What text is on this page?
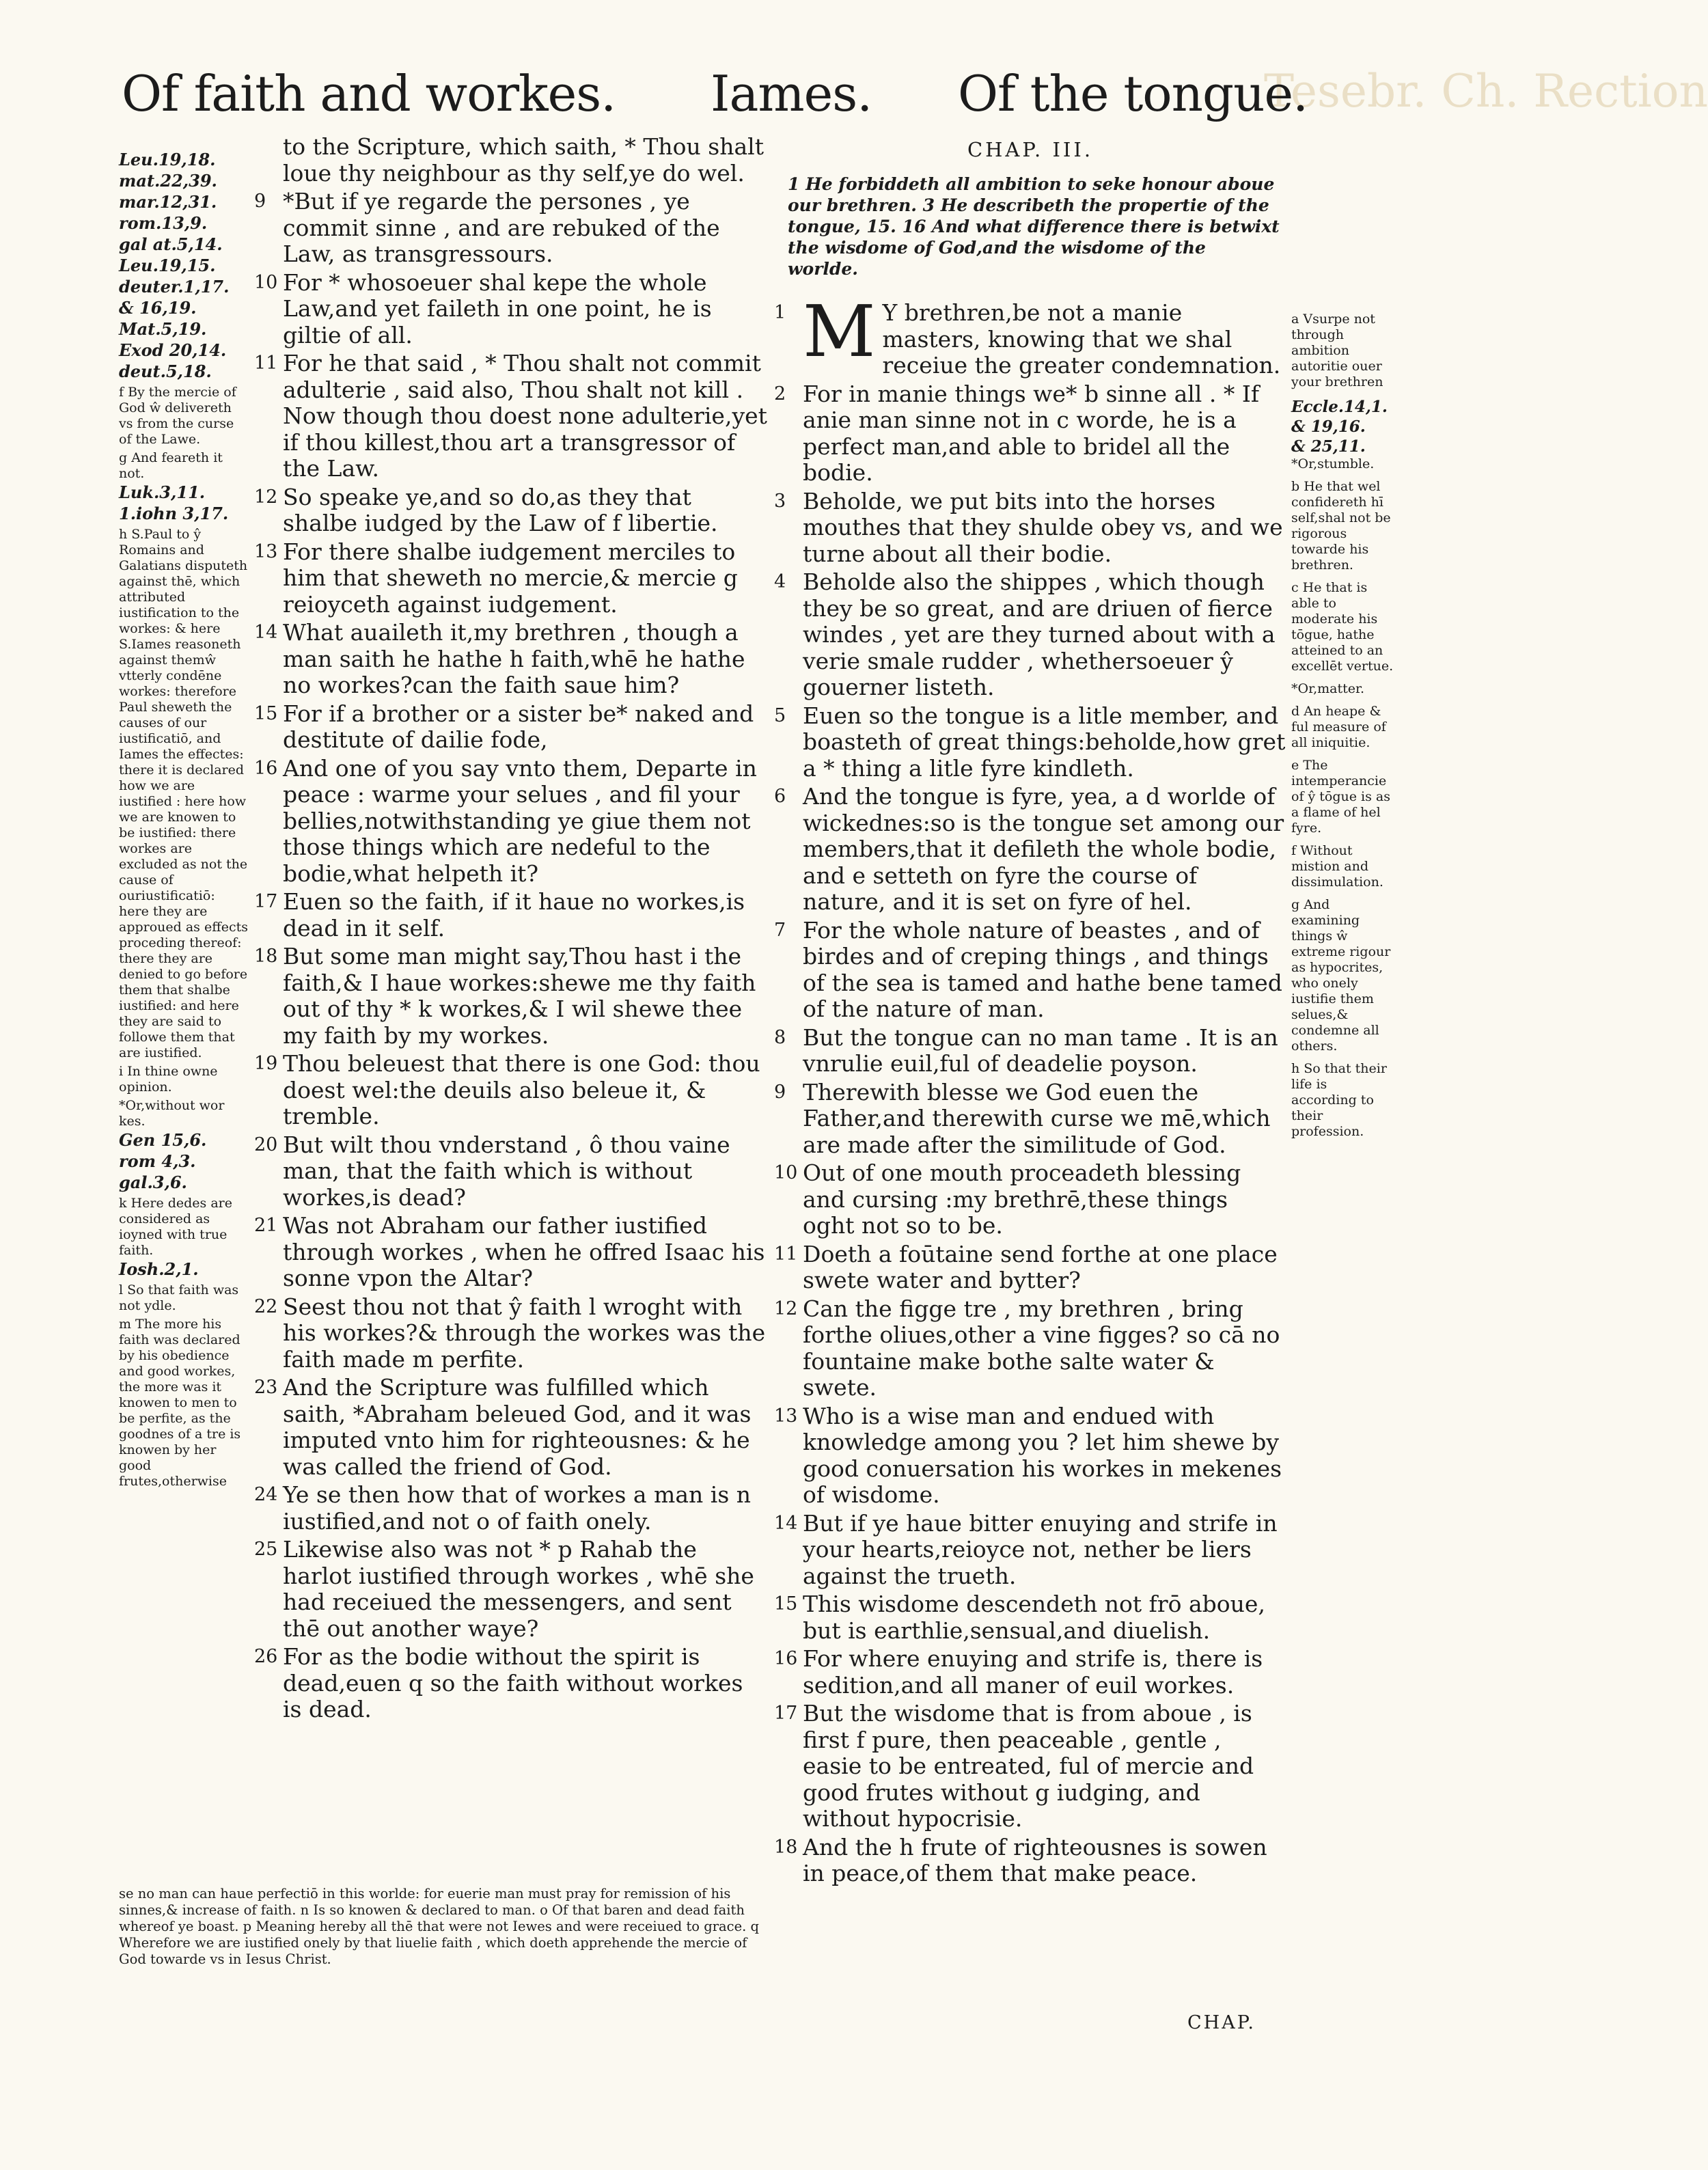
Tesebr. Ch. Rection
Of faith and workes. Iames. Of the tongue.
Leu.19,18.
mat.22,39.
mar.12,31.
rom.13,9.
gal at.5,14.
Leu.19,15.
deuter.1,17.
& 16,19.
Mat.5,19.
Exod 20,14.
deut.5,18.
f By the mercie of God ŵ delivereth vs from the curse of the Lawe.
g And feareth it not.
Luk.3,11.
1.iohn 3,17.
h S.Paul to ŷ Romains and Galatians disputeth against thē, which attributed iustification to the workes: & here S.Iames reasoneth against themŵ vtterly condēne workes: therefore Paul sheweth the causes of our iustificatiō, and Iames the effectes: there it is declared how we are iustified : here how we are knowen to be iustified: there workes are excluded as not the cause of ouriustificatiō: here they are approued as effects proceding thereof: there they are denied to go before them that shalbe iustified: and here they are said to followe them that are iustified.
i In thine owne opinion.
*Or,without wor kes.
Gen 15,6.
rom 4,3.
gal.3,6.
k Here dedes are considered as ioyned with true faith.
Iosh.2,1.
l So that faith was not ydle.
m The more his faith was declared by his obedience and good workes, the more was it knowen to men to be perfite, as the goodnes of a tre is knowen by her good frutes,otherwise
to the Scripture, which saith, * Thou shalt loue thy neighbour as thy self,ye do wel.
9 *But if ye regarde the persones , ye commit sinne , and are rebuked of the Law, as transgressours.
10 For * whosoeuer shal kepe the whole Law,and yet faileth in one point, he is giltie of all.
11 For he that said , * Thou shalt not commit adulterie , said also, Thou shalt not kill . Now though thou doest none adulterie,yet if thou killest,thou art a transgressor of the Law.
12 So speake ye,and so do,as they that shalbe iudged by the Law of f libertie.
13 For there shalbe iudgement merciles to him that sheweth no mercie,& mercie g reioyceth against iudgement.
14 What auaileth it,my brethren , though a man saith he hathe h faith,whē he hathe no workes?can the faith saue him?
15 For if a brother or a sister be* naked and destitute of dailie fode,
16 And one of you say vnto them, Departe in peace : warme your selues , and fil your bellies,notwithstanding ye giue them not those things which are nedeful to the bodie,what helpeth it?
17 Euen so the faith, if it haue no workes,is dead in it self.
18 But some man might say,Thou hast i the faith,& I haue workes:shewe me thy faith out of thy * k workes,& I wil shewe thee my faith by my workes.
19 Thou beleuest that there is one God: thou doest wel:the deuils also beleue it, & tremble.
20 But wilt thou vnderstand , ô thou vaine man, that the faith which is without workes,is dead?
21 Was not Abraham our father iustified through workes , when he offred Isaac his sonne vpon the Altar?
22 Seest thou not that ŷ faith l wroght with his workes?& through the workes was the faith made m perfite.
23 And the Scripture was fulfilled which saith, *Abraham beleued God, and it was imputed vnto him for righteousnes: & he was called the friend of God.
24 Ye se then how that of workes a man is n iustified,and not o of faith onely.
25 Likewise also was not * p Rahab the harlot iustified through workes , whē she had receiued the messengers, and sent thē out another waye?
26 For as the bodie without the spirit is dead,euen q so the faith without workes is dead.
CHAP. III.
1 He forbiddeth all ambition to seke honour aboue our brethren. 3 He describeth the propertie of the tongue, 15. 16 And what difference there is betwixt the wisdome of God,and the wisdome of the worlde.
1 M Y brethren,be not a manie masters, knowing that we shal receiue the greater condemnation.
2 For in manie things we* b sinne all . * If anie man sinne not in c worde, he is a perfect man,and able to bridel all the bodie.
3 Beholde, we put bits into the horses mouthes that they shulde obey vs, and we turne about all their bodie.
4 Beholde also the shippes , which though they be so great, and are driuen of fierce windes , yet are they turned about with a verie smale rudder , whethersoeuer ŷ gouerner listeth.
5 Euen so the tongue is a litle member, and boasteth of great things:beholde,how gret a * thing a litle fyre kindleth.
6 And the tongue is fyre, yea, a d worlde of wickednes:so is the tongue set among our members,that it defileth the whole bodie, and e setteth on fyre the course of nature, and it is set on fyre of hel.
7 For the whole nature of beastes , and of birdes and of creping things , and things of the sea is tamed and hathe bene tamed of the nature of man.
8 But the tongue can no man tame . It is an vnrulie euil,ful of deadelie poyson.
9 Therewith blesse we God euen the Father,and therewith curse we mē,which are made after the similitude of God.
10 Out of one mouth proceadeth blessing and cursing :my brethrē,these things oght not so to be.
11 Doeth a foūtaine send forthe at one place swete water and bytter?
12 Can the figge tre , my brethren , bring forthe oliues,other a vine figges? so cā no fountaine make bothe salte water & swete.
13 Who is a wise man and endued with knowledge among you ? let him shewe by good conuersation his workes in mekenes of wisdome.
14 But if ye haue bitter enuying and strife in your hearts,reioyce not, nether be liers against the trueth.
15 This wisdome descendeth not frō aboue, but is earthlie,sensual,and diuelish.
16 For where enuying and strife is, there is sedition,and all maner of euil workes.
17 But the wisdome that is from aboue , is first f pure, then peaceable , gentle , easie to be entreated, ful of mercie and good frutes without g iudging, and without hypocrisie.
18 And the h frute of righteousnes is sowen in peace,of them that make peace.
a Vsurpe not through ambition autoritie ouer your brethren
Eccle.14,1.
& 19,16.
& 25,11.
*Or,stumble.
b He that wel confidereth hī self,shal not be rigorous towarde his brethren.
c He that is able to moderate his tōgue, hathe atteined to an excellēt vertue.
*Or,matter.
d An heape & ful measure of all iniquitie.
e The intemperancie of ŷ tōgue is as a flame of hel fyre.
f Without mistion and dissimulation.
g And examining things ŵ extreme rigour as hypocrites, who onely iustifie them selues,& condemne all others.
h So that their life is according to their profession.
se no man can haue perfectiō in this worlde: for euerie man must pray for remission of his sinnes,& increase of faith. n Is so knowen & declared to man. o Of that baren and dead faith whereof ye boast. p Meaning hereby all thē that were not Iewes and were receiued to grace. q Wherefore we are iustified onely by that liuelie faith , which doeth apprehende the mercie of God towarde vs in Iesus Christ.
CHAP.
